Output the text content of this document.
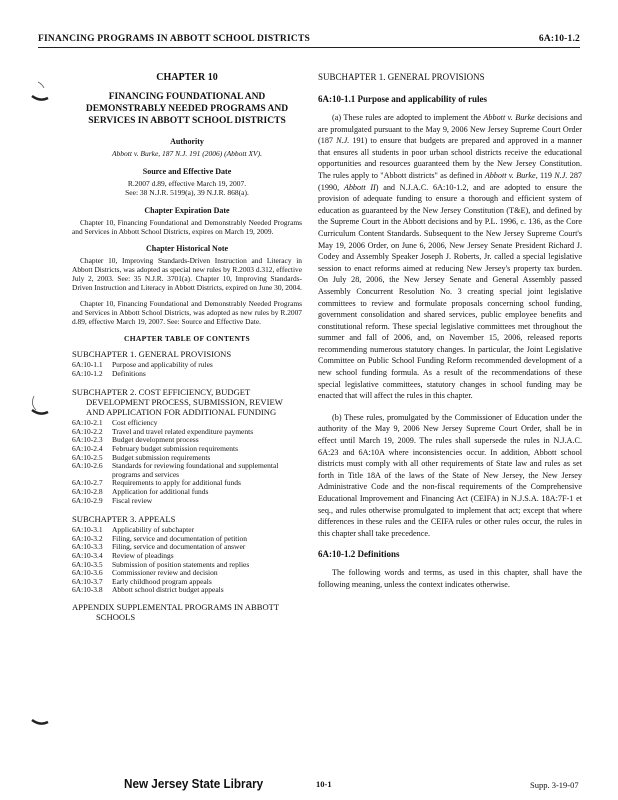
FINANCING PROGRAMS IN ABBOTT SCHOOL DISTRICTS	6A:10-1.2
CHAPTER 10
FINANCING FOUNDATIONAL AND DEMONSTRABLY NEEDED PROGRAMS AND SERVICES IN ABBOTT SCHOOL DISTRICTS
Authority
Abbott v. Burke, 187 N.J. 191 (2006) (Abbott XV).
Source and Effective Date
R.2007 d.89, effective March 19, 2007.
See: 38 N.J.R. 5199(a), 39 N.J.R. 868(a).
Chapter Expiration Date
Chapter 10, Financing Foundational and Demonstrably Needed Programs and Services in Abbott School Districts, expires on March 19, 2009.
Chapter Historical Note
Chapter 10, Improving Standards-Driven Instruction and Literacy in Abbott Districts, was adopted as special new rules by R.2003 d.312, effective July 2, 2003. See: 35 N.J.R. 3701(a). Chapter 10, Improving Standards-Driven Instruction and Literacy in Abbott Districts, expired on June 30, 2004.
Chapter 10, Financing Foundational and Demonstrably Needed Programs and Services in Abbott School Districts, was adopted as new rules by R.2007 d.89, effective March 19, 2007. See: Source and Effective Date.
CHAPTER TABLE OF CONTENTS
SUBCHAPTER 1. GENERAL PROVISIONS
6A:10-1.1	Purpose and applicability of rules
6A:10-1.2	Definitions
SUBCHAPTER 2. COST EFFICIENCY, BUDGET
DEVELOPMENT PROCESS, SUBMISSION, REVIEW
AND APPLICATION FOR ADDITIONAL FUNDING
6A:10-2.1	Cost efficiency
6A:10-2.2	Travel and travel related expenditure payments
6A:10-2.3	Budget development process
6A:10-2.4	February budget submission requirements
6A:10-2.5	Budget submission requirements
6A:10-2.6	Standards for reviewing foundational and supplemental programs and services
6A:10-2.7	Requirements to apply for additional funds
6A:10-2.8	Application for additional funds
6A:10-2.9	Fiscal review
SUBCHAPTER 3. APPEALS
6A:10-3.1	Applicability of subchapter
6A:10-3.2	Filing, service and documentation of petition
6A:10-3.3	Filing, service and documentation of answer
6A:10-3.4	Review of pleadings
6A:10-3.5	Submission of position statements and replies
6A:10-3.6	Commissioner review and decision
6A:10-3.7	Early childhood program appeals
6A:10-3.8	Abbott school district budget appeals
APPENDIX SUPPLEMENTAL PROGRAMS IN ABBOTT
SCHOOLS
SUBCHAPTER 1. GENERAL PROVISIONS
6A:10-1.1 Purpose and applicability of rules
(a) These rules are adopted to implement the Abbott v. Burke decisions and are promulgated pursuant to the May 9, 2006 New Jersey Supreme Court Order (187 N.J. 191) to ensure that budgets are prepared and approved in a manner that ensures all students in poor urban school districts receive the educational opportunities and resources guaranteed them by the New Jersey Constitution. The rules apply to "Abbott districts" as defined in Abbott v. Burke, 119 N.J. 287 (1990, Abbott II) and N.J.A.C. 6A:10-1.2, and are adopted to ensure the provision of adequate funding to ensure a thorough and efficient system of education as guaranteed by the New Jersey Constitution (T&E), and defined by the Supreme Court in the Abbott decisions and by P.L. 1996, c. 136, as the Core Curriculum Content Standards. Subsequent to the New Jersey Supreme Court's May 19, 2006 Order, on June 6, 2006, New Jersey Senate President Richard J. Codey and Assembly Speaker Joseph J. Roberts, Jr. called a special legislative session to enact reforms aimed at reducing New Jersey's property tax burden. On July 28, 2006, the New Jersey Senate and General Assembly passed Assembly Concurrent Resolution No. 3 creating special joint legislative committees to review and formulate proposals concerning school funding, government consolidation and shared services, public employee benefits and constitutional reform. These special legislative committees met throughout the summer and fall of 2006, and, on November 15, 2006, released reports recommending numerous statutory changes. In particular, the Joint Legislative Committee on Public School Funding Reform recommended development of a new school funding formula. As a result of the recommendations of these special legislative committees, statutory changes in school funding may be enacted that will affect the rules in this chapter.
(b) These rules, promulgated by the Commissioner of Education under the authority of the May 9, 2006 New Jersey Supreme Court Order, shall be in effect until March 19, 2009. The rules shall supersede the rules in N.J.A.C. 6A:23 and 6A:10A where inconsistencies occur. In addition, Abbott school districts must comply with all other requirements of State law and rules as set forth in Title 18A of the laws of the State of New Jersey, the New Jersey Administrative Code and the non-fiscal requirements of the Comprehensive Educational Improvement and Financing Act (CEIFA) in N.J.S.A. 18A:7F-1 et seq., and rules otherwise promulgated to implement that act; except that where differences in these rules and the CEIFA rules or other rules occur, the rules in this chapter shall take precedence.
6A:10-1.2 Definitions
The following words and terms, as used in this chapter, shall have the following meaning, unless the context indicates otherwise.
New Jersey State Library	10-1	Supp. 3-19-07
